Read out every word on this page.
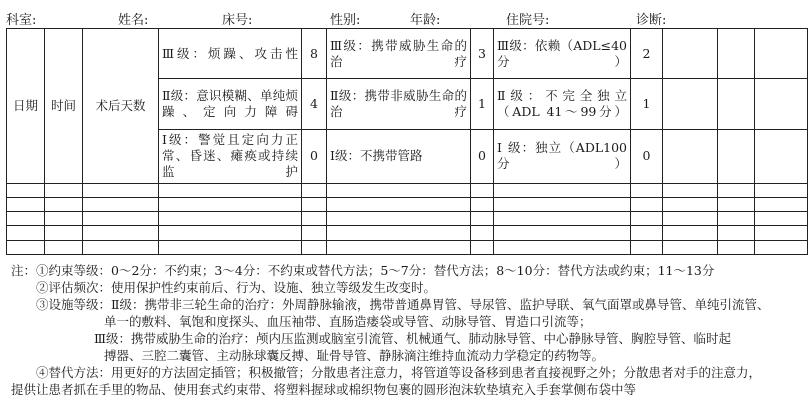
科室:	姓名:	床号:	性别:	年龄:	住院号:	诊断:
日期	时间	术后天数	Ⅲ级：烦躁、攻击性	8	Ⅲ级：携带威胁生命的治疗	3	Ⅲ级：依赖（ADL≤40分）	2			
			Ⅱ级：意识模糊、单纯烦躁、定向力障碍	4	Ⅱ级：携带非威胁生命的治疗	1	Ⅱ级：不完全独立（ADL 41～99分）	1			
			Ⅰ级：警觉且定向力正常、昏迷、瘫痪或持续监护	0	Ⅰ级：不携带管路	0	Ⅰ 级：独立（ADL100分）	0			

注：①约束等级：0～2分：不约束；3～4分：不约束或替代方法；5～7分：替代方法；8～10分：替代方法或约束；11～13分
②评估频次：使用保护性约束前后、行为、设施、独立等级发生改变时。
③设施等级：Ⅱ级：携带非三轮生命的治疗：外周静脉输液，携带普通鼻胃管、导尿管、监护导联、氧气面罩或鼻导管、单纯引流管、
单一的敷料、氧饱和度探头、血压袖带、直肠造瘘袋或导管、动脉导管、胃造口引流等；
Ⅲ级：携带威胁生命的治疗：颅内压监测或脑室引流管、机械通气、肺动脉导管、中心静脉导管、胸腔导管、临时起
搏器、三腔二囊管、主动脉球囊反搏、耻骨导管、静脉滴注维持血流动力学稳定的药物等。
④替代方法：用更好的方法固定插管；积极撤管；分散患者注意力，将管道等设备移到患者直接视野之外；分散患者对手的注意力，
提供让患者抓在手里的物品、使用套式约束带、将塑料握球或棉织物包裹的圆形泡沫软垫填充入手套掌侧布袋中等
